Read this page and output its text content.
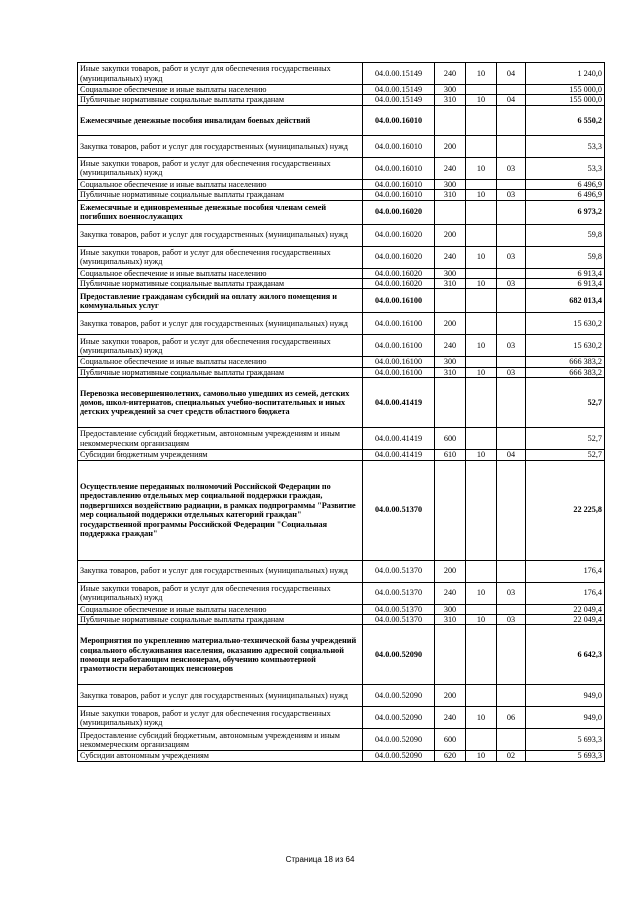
Иные закупки товаров, работ и услуг для обеспечения государственных (муниципальных) нужд	04.0.00.15149	240	10	04	1 240,0
Социальное обеспечение и иные выплаты населению	04.0.00.15149	300			155 000,0
Публичные нормативные социальные выплаты гражданам	04.0.00.15149	310	10	04	155 000,0
Ежемесячные денежные пособия инвалидам боевых действий	04.0.00.16010				6 550,2
Закупка товаров, работ и услуг для государственных (муниципальных) нужд	04.0.00.16010	200			53,3
Иные закупки товаров, работ и услуг для обеспечения государственных (муниципальных) нужд	04.0.00.16010	240	10	03	53,3
Социальное обеспечение и иные выплаты населению	04.0.00.16010	300			6 496,9
Публичные нормативные социальные выплаты гражданам	04.0.00.16010	310	10	03	6 496,9
Ежемесячные и единовременные денежные пособия членам семей погибших военнослужащих	04.0.00.16020				6 973,2
Закупка товаров, работ и услуг для государственных (муниципальных) нужд	04.0.00.16020	200			59,8
Иные закупки товаров, работ и услуг для обеспечения государственных (муниципальных) нужд	04.0.00.16020	240	10	03	59,8
Социальное обеспечение и иные выплаты населению	04.0.00.16020	300			6 913,4
Публичные нормативные социальные выплаты гражданам	04.0.00.16020	310	10	03	6 913,4
Предоставление гражданам субсидий на оплату жилого помещения и коммунальных услуг	04.0.00.16100				682 013,4
Закупка товаров, работ и услуг для государственных (муниципальных) нужд	04.0.00.16100	200			15 630,2
Иные закупки товаров, работ и услуг для обеспечения государственных (муниципальных) нужд	04.0.00.16100	240	10	03	15 630,2
Социальное обеспечение и иные выплаты населению	04.0.00.16100	300			666 383,2
Публичные нормативные социальные выплаты гражданам	04.0.00.16100	310	10	03	666 383,2
Перевозка несовершеннолетних, самовольно ушедших из семей, детских домов, школ-интернатов, специальных учебно-воспитательных и иных детских учреждений за счет средств областного бюджета	04.0.00.41419				52,7
Предоставление субсидий бюджетным, автономным учреждениям и иным некоммерческим организациям	04.0.00.41419	600			52,7
Субсидии бюджетным учреждениям	04.0.00.41419	610	10	04	52,7
Осуществление переданных полномочий Российской Федерации по предоставлению отдельных мер социальной поддержки граждан, подвергшихся воздействию радиации, в рамках подпрограммы "Развитие мер социальной поддержки отдельных категорий граждан" государственной программы Российской Федерации "Социальная поддержка граждан"	04.0.00.51370				22 225,8
Закупка товаров, работ и услуг для государственных (муниципальных) нужд	04.0.00.51370	200			176,4
Иные закупки товаров, работ и услуг для обеспечения государственных (муниципальных) нужд	04.0.00.51370	240	10	03	176,4
Социальное обеспечение и иные выплаты населению	04.0.00.51370	300			22 049,4
Публичные нормативные социальные выплаты гражданам	04.0.00.51370	310	10	03	22 049,4
Мероприятия по укреплению материально-технической базы учреждений социального обслуживания населения, оказанию адресной социальной помощи неработающим пенсионерам, обучению компьютерной грамотности неработающих пенсионеров	04.0.00.52090				6 642,3
Закупка товаров, работ и услуг для государственных (муниципальных) нужд	04.0.00.52090	200			949,0
Иные закупки товаров, работ и услуг для обеспечения государственных (муниципальных) нужд	04.0.00.52090	240	10	06	949,0
Предоставление субсидий бюджетным, автономным учреждениям и иным некоммерческим организациям	04.0.00.52090	600			5 693,3
Субсидии автономным учреждениям	04.0.00.52090	620	10	02	5 693,3
Страница 18 из 64
